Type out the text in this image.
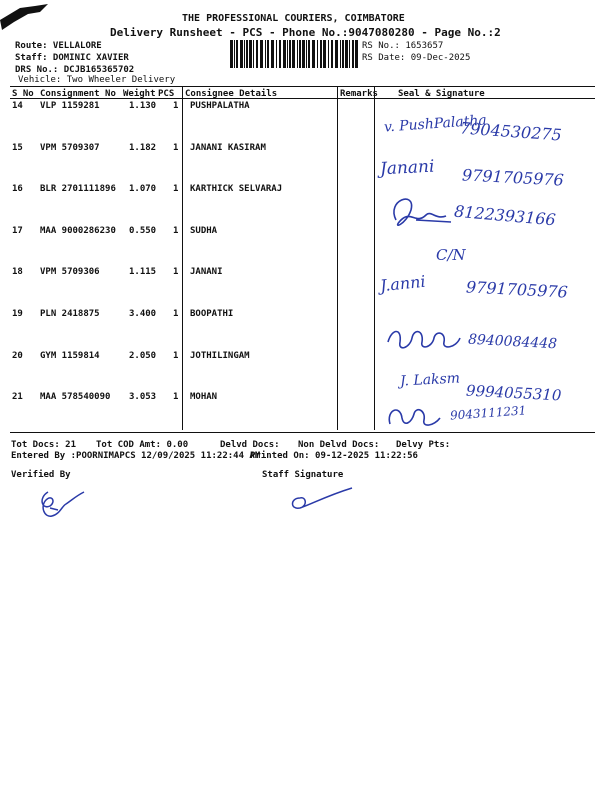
THE PROFESSIONAL COURIERS, COIMBATORE
Delivery Runsheet - PCS - Phone No.:9047080280 - Page No.:2
Route: VELLALORE
Staff: DOMINIC XAVIER
DRS No.: DCJB165365702
Vehicle: Two Wheeler Delivery
RS No.: 1653657
RS Date: 09-Dec-2025
S No Consignment No Weight PCS Consignee Details	Remarks Seal & Signature
14 VLP 1159281	1.130 1 PUSHPALATHA
15 VPM 5709307	1.182 1 JANANI KASIRAM
16 BLR 2701111896 1.070 1 KARTHICK SELVARAJ
17 MAA 9000286230 0.550 1 SUDHA
18 VPM 5709306	1.115 1 JANANI
19 PLN 2418875	3.400 1 BOOPATHI
20 GYM 1159814	2.050 1 JOTHILINGAM
21 MAA 578540090 3.053 1 MOHAN
v. PushPalatha
7904530275
Janani 9791705976
8122393166
C/N
J.anni 9791705976
8940084448
J. Laksm
9994055310
9043111231
Tot Docs: 21 Tot COD Amt: 0.00	Delvd Docs: Non Delvd Docs: Delvy Pts:
Entered By :POORNIMAPCS 12/09/2025 11:22:44 AM
Printed On: 09-12-2025 11:22:56
Verified By	Staff Signature
